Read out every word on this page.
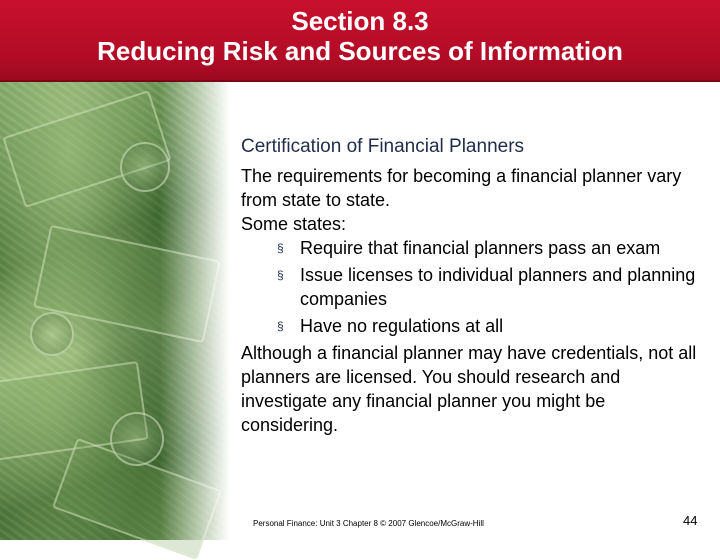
Section 8.3
Reducing Risk and Sources of Information
Certification of Financial Planners

The requirements for becoming a financial planner vary from state to state.

Some states:

§ Require that financial planners pass an exam
§ Issue licenses to individual planners and planning companies
§ Have no regulations at all

Although a financial planner may have credentials, not all planners are licensed. You should research and investigate any financial planner you might be considering.

Personal Finance: Unit 3 Chapter 8 © 2007 Glencoe/McGraw-Hill	44
